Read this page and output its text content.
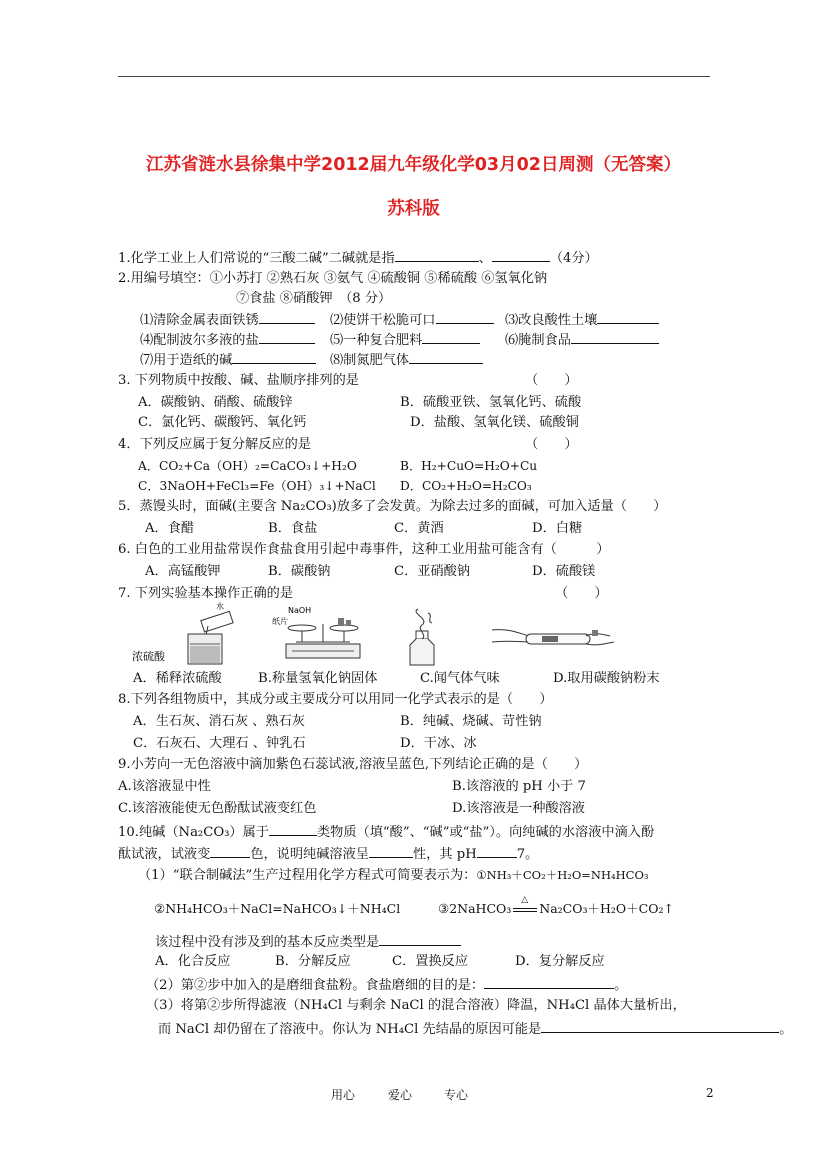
江苏省涟水县徐集中学2012届九年级化学03月02日周测（无答案）
苏科版
1.化学工业上人们常说的“三酸二碱”二碱就是指	、	（4分）
2.用编号填空：①小苏打 ②熟石灰 ③氨气 ④硫酸铜 ⑤稀硫酸 ⑥氢氧化钠
⑦食盐 ⑧硝酸钾　 （8 分）
⑴清除金属表面铁锈	⑵使饼干松脆可口	⑶改良酸性土壤
⑷配制波尔多液的盐	⑸一种复合肥料	⑹腌制食品
⑺用于造纸的碱	⑻制氮肥气体
3. 下列物质中按酸、碱、盐顺序排列的是	（　　）
A．碳酸钠、硝酸、硫酸锌	B．硫酸亚铁、氢氧化钙、硫酸
C．氯化钙、碳酸钙、氧化钙	D．盐酸、氢氧化镁、硫酸铜
4．下列反应属于复分解反应的是	（　　）
A．CO₂+Ca（OH）₂=CaCO₃↓+H₂O	B．H₂+CuO=H₂O+Cu
C．3NaOH+FeCl₃=Fe（OH）₃↓+NaCl D．CO₂+H₂O=H₂CO₃
5．蒸馒头时，面碱(主要含 Na₂CO₃)放多了会发黄。为除去过多的面碱，可加入适量（　　）
A．食醋	B．食盐	C．黄酒	D．白糖
6. 白色的工业用盐常误作食盐食用引起中毒事件，这种工业用盐可能含有（　　　）
A．高锰酸钾	B．碳酸钠	C．亚硝酸钠	D．硫酸镁
7. 下列实验基本操作正确的是	（　　）
水
浓硫酸
NaOH
纸片
A．稀释浓硫酸	B.称量氢氧化钠固体	C.闻气体气味	D.取用碳酸钠粉末
8.下列各组物质中，其成分或主要成分可以用同一化学式表示的是（　　）
A．生石灰、消石灰 、熟石灰	B．纯碱、烧碱、苛性钠
C．石灰石、大理石 、钟乳石	D．干冰、冰
9.小芳向一无色溶液中滴加紫色石蕊试液,溶液呈蓝色,下列结论正确的是（　　）
A.该溶液显中性	B.该溶液的 pH 小于 7
C.该溶液能使无色酚酞试液变红色	D.该溶液是一种酸溶液
10.纯碱（Na₂CO₃）属于	类物质（填“酸”、“碱”或“盐”）。向纯碱的水溶液中滴入酚
酞试液，试液变	色，说明纯碱溶液呈	性，其 pH	7。
（1）“联合制碱法”生产过程用化学方程式可简要表示为：①NH₃＋CO₂＋H₂O=NH₄HCO₃
②NH₄HCO₃＋NaCl=NaHCO₃↓＋NH₄Cl	③2NaHCO₃
△
Na₂CO₃＋H₂O＋CO₂↑
该过程中没有涉及到的基本反应类型是
A．化合反应	B．分解反应	C．置换反应	D．复分解反应
（2）第②步中加入的是磨细食盐粉。食盐磨细的目的是：	。
（3）将第②步所得滤液（NH₄Cl 与剩余 NaCl 的混合溶液）降温，NH₄Cl 晶体大量析出，
而 NaCl 却仍留在了溶液中。你认为 NH₄Cl 先结晶的原因可能是	。
用心	爱心	专心	2
